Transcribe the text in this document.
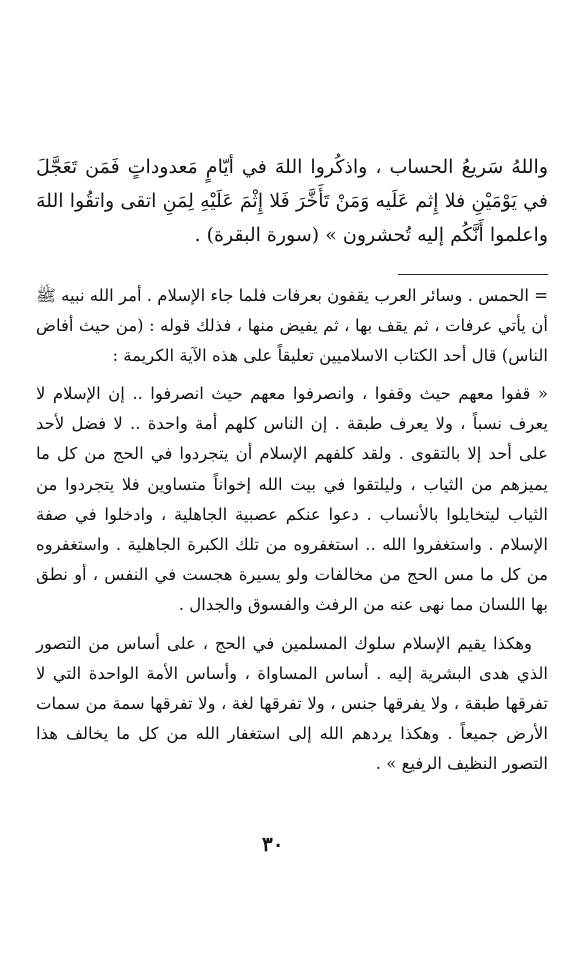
واللهُ سَريعُ الحساب ، واذكُروا اللهَ في أيّامٍ مَعدوداتٍ فَمَن تَعَجَّلَ في يَوْمَيْنِ فلا إِثم عَلَيه وَمَنْ تَأَخَّرَ فَلا إِثْمَ عَلَيْهِ لِمَنِ اتقى واتقُوا اللهَ واعلموا أَنَّكُم إليه تُحشرون » (سورة البقرة) .

= الحمس . وسائر العرب يقفون بعرفات فلما جاء الإسلام . أمر الله نبيه ﷺ أن يأتي عرفات ، ثم يقف بها ، ثم يفيض منها ، فذلك قوله : (من حيث أفاض الناس) قال أحد الكتاب الاسلاميين تعليقاً على هذه الآية الكريمة :

« قفوا معهم حيث وقفوا ، وانصرفوا معهم حيث انصرفوا .. إن الإسلام لا يعرف نسباً ، ولا يعرف طبقة . إن الناس كلهم أمة واحدة .. لا فضل لأحد على أحد إلا بالتقوى . ولقد كلفهم الإسلام أن يتجردوا في الحج من كل ما يميزهم من الثياب ، وليلتقوا في بيت الله إخواناً متساوين فلا يتجردوا من الثياب ليتخايلوا بالأنساب . دعوا عنكم عصبية الجاهلية ، وادخلوا في صفة الإسلام . واستغفروا الله .. استغفروه من تلك الكبرة الجاهلية . واستغفروه من كل ما مس الحج من مخالفات ولو يسيرة هجست في النفس ، أو نطق بها اللسان مما نهى عنه من الرفث والفسوق والجدال .

وهكذا يقيم الإسلام سلوك المسلمين في الحج ، على أساس من التصور الذي هدى البشرية إليه . أساس المساواة ، وأساس الأمة الواحدة التي لا تفرقها طبقة ، ولا يفرقها جنس ، ولا تفرقها لغة ، ولا تفرقها سمة من سمات الأرض جميعاً . وهكذا يردهم الله إلى استغفار الله من كل ما يخالف هذا التصور النظيف الرفيع » .

٣٠
